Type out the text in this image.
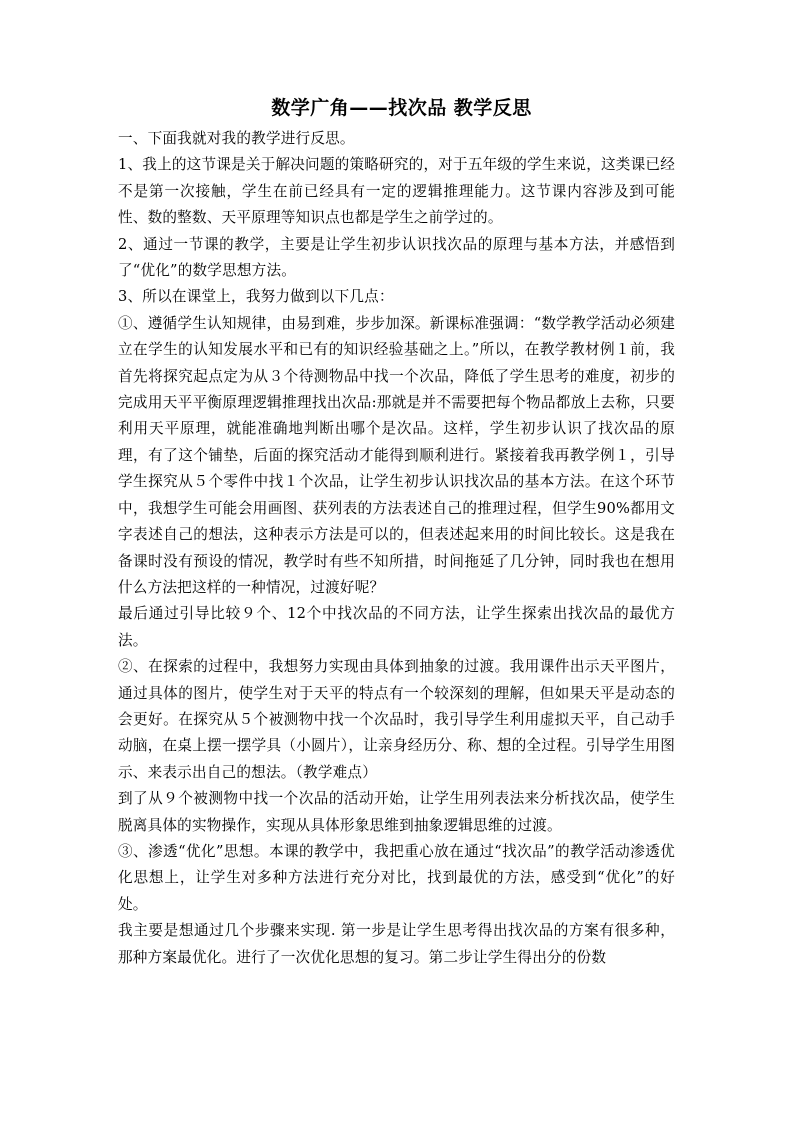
数学广角——找次品 教学反思

一、下面我就对我的教学进行反思。

1、我上的这节课是关于解决问题的策略研究的，对于五年级的学生来说，这类课已经不是第一次接触，学生在前已经具有一定的逻辑推理能力。这节课内容涉及到可能性、数的整数、天平原理等知识点也都是学生之前学过的。

2、通过一节课的教学，主要是让学生初步认识找次品的原理与基本方法，并感悟到了“优化”的数学思想方法。

3、所以在课堂上，我努力做到以下几点：

①、遵循学生认知规律，由易到难，步步加深。新课标准强调：“数学教学活动必须建立在学生的认知发展水平和已有的知识经验基础之上。”所以，在教学教材例１前，我首先将探究起点定为从３个待测物品中找一个次品，降低了学生思考的难度，初步的完成用天平平衡原理逻辑推理找出次品:那就是并不需要把每个物品都放上去称，只要利用天平原理，就能准确地判断出哪个是次品。这样，学生初步认识了找次品的原理，有了这个铺垫，后面的探究活动才能得到顺利进行。紧接着我再教学例１，引导学生探究从５个零件中找１个次品，让学生初步认识找次品的基本方法。在这个环节中，我想学生可能会用画图、获列表的方法表述自己的推理过程，但学生90%都用文字表述自己的想法，这种表示方法是可以的，但表述起来用的时间比较长。这是我在备课时没有预设的情况，教学时有些不知所措，时间拖延了几分钟，同时我也在想用什么方法把这样的一种情况，过渡好呢？

最后通过引导比较９个、12个中找次品的不同方法，让学生探索出找次品的最优方法。

②、在探索的过程中，我想努力实现由具体到抽象的过渡。我用课件出示天平图片，通过具体的图片，使学生对于天平的特点有一个较深刻的理解，但如果天平是动态的会更好。在探究从５个被测物中找一个次品时，我引导学生利用虚拟天平，自己动手动脑，在桌上摆一摆学具（小圆片），让亲身经历分、称、想的全过程。引导学生用图示、来表示出自己的想法。（教学难点）

到了从９个被测物中找一个次品的活动开始，让学生用列表法来分析找次品，使学生脱离具体的实物操作，实现从具体形象思维到抽象逻辑思维的过渡。

③、渗透“优化”思想。本课的教学中，我把重心放在通过“找次品”的教学活动渗透优化思想上，让学生对多种方法进行充分对比，找到最优的方法，感受到“优化”的好处。

我主要是想通过几个步骤来实现. 第一步是让学生思考得出找次品的方案有很多种，那种方案最优化。进行了一次优化思想的复习。第二步让学生得出分的份数
